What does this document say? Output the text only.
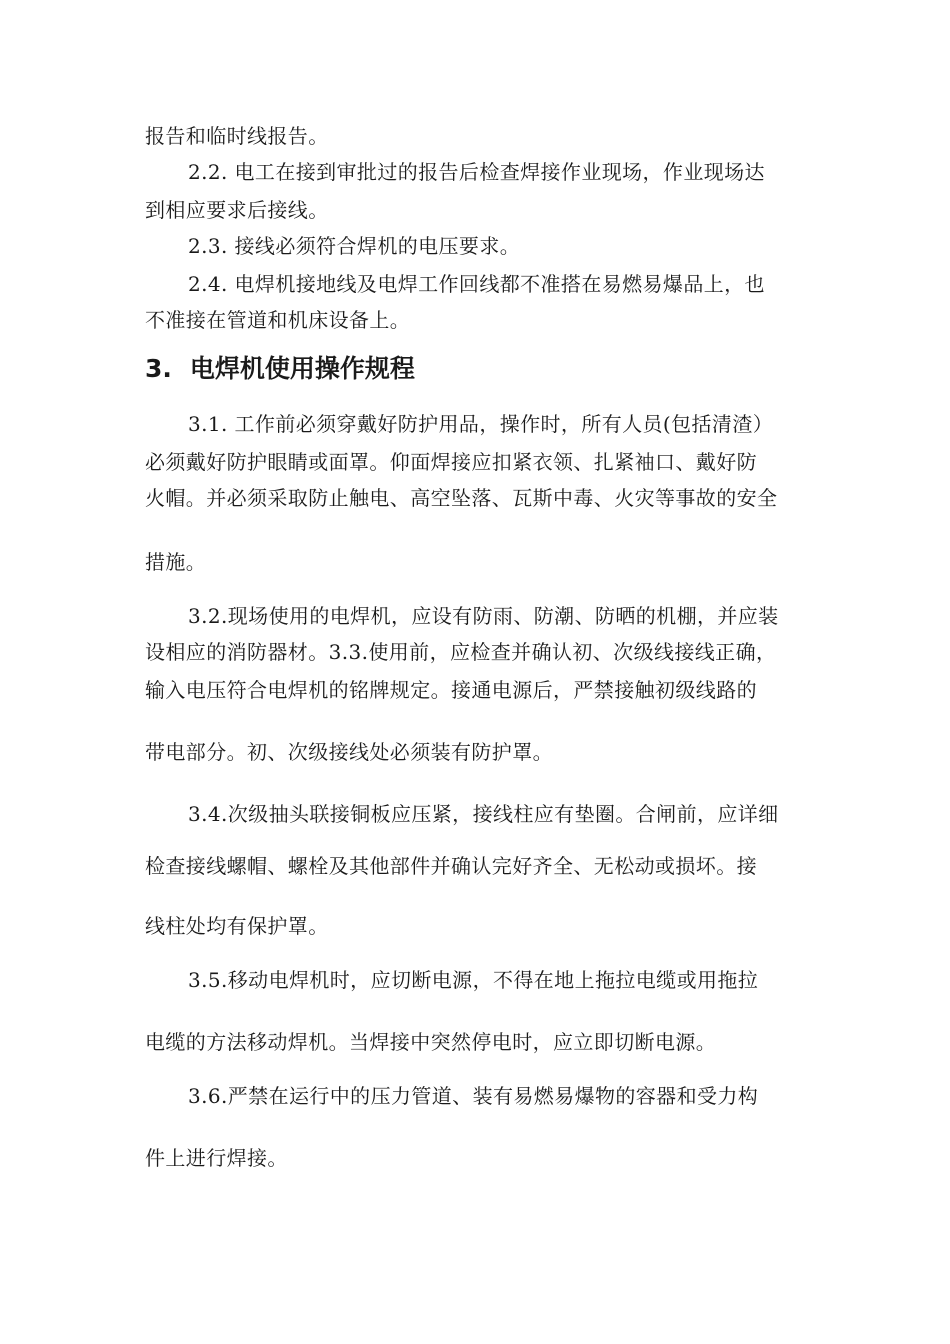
报告和临时线报告。
2.2. 电工在接到审批过的报告后检查焊接作业现场，作业现场达
到相应要求后接线。
2.3. 接线必须符合焊机的电压要求。
2.4. 电焊机接地线及电焊工作回线都不准搭在易燃易爆品上，也
不准接在管道和机床设备上。
3. 电焊机使用操作规程
3.1. 工作前必须穿戴好防护用品，操作时，所有人员(包括清渣）
必须戴好防护眼睛或面罩。仰面焊接应扣紧衣领、扎紧袖口、戴好防
火帽。并必须采取防止触电、高空坠落、瓦斯中毒、火灾等事故的安全
措施。
3.2.现场使用的电焊机，应设有防雨、防潮、防晒的机棚，并应装
设相应的消防器材。3.3.使用前，应检查并确认初、次级线接线正确，
输入电压符合电焊机的铭牌规定。接通电源后，严禁接触初级线路的
带电部分。初、次级接线处必须装有防护罩。
3.4.次级抽头联接铜板应压紧，接线柱应有垫圈。合闸前，应详细
检查接线螺帽、螺栓及其他部件并确认完好齐全、无松动或损坏。接
线柱处均有保护罩。
3.5.移动电焊机时，应切断电源，不得在地上拖拉电缆或用拖拉
电缆的方法移动焊机。当焊接中突然停电时，应立即切断电源。
3.6.严禁在运行中的压力管道、装有易燃易爆物的容器和受力构
件上进行焊接。
